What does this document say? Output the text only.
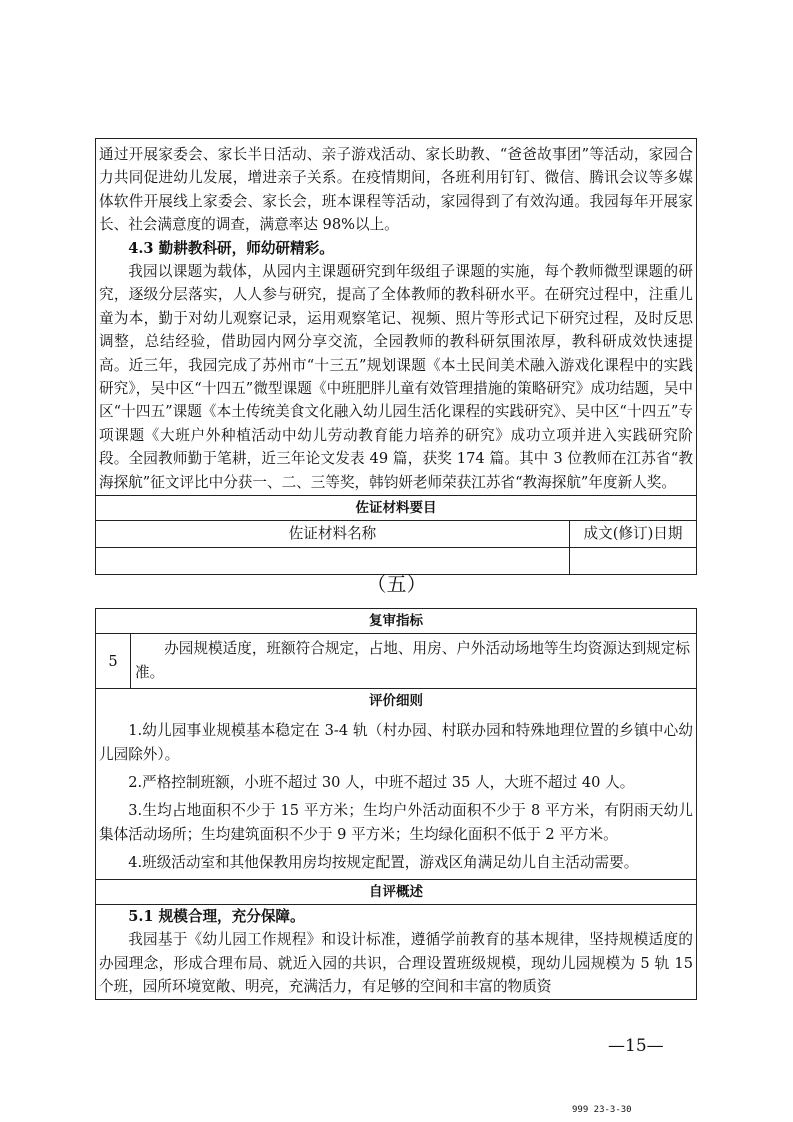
通过开展家委会、家长半日活动、亲子游戏活动、家长助教、“爸爸故事团”等活动，家园合力共同促进幼儿发展，增进亲子关系。在疫情期间，各班利用钉钉、微信、腾讯会议等多媒体软件开展线上家委会、家长会，班本课程等活动，家园得到了有效沟通。我园每年开展家长、社会满意度的调查，满意率达 98%以上。

4.3 勤耕教科研，师幼研精彩。

我园以课题为载体，从园内主课题研究到年级组子课题的实施，每个教师微型课题的研究，逐级分层落实，人人参与研究，提高了全体教师的教科研水平。在研究过程中，注重儿童为本，勤于对幼儿观察记录，运用观察笔记、视频、照片等形式记下研究过程，及时反思调整，总结经验，借助园内网分享交流，全园教师的教科研氛围浓厚，教科研成效快速提高。近三年，我园完成了苏州市“十三五”规划课题《本土民间美术融入游戏化课程中的实践研究》，吴中区“十四五”微型课题《中班肥胖儿童有效管理措施的策略研究》成功结题，吴中区“十四五”课题《本土传统美食文化融入幼儿园生活化课程的实践研究》、吴中区“十四五”专项课题《大班户外种植活动中幼儿劳动教育能力培养的研究》成功立项并进入实践研究阶段。全园教师勤于笔耕，近三年论文发表 49 篇，获奖 174 篇。其中 3 位教师在江苏省“教海探航”征文评比中分获一、二、三等奖，韩钧妍老师荣获江苏省“教海探航”年度新人奖。

佐证材料要目
佐证材料名称	成文(修订)日期
（五）
复审指标
5
办园规模适度，班额符合规定，占地、用房、户外活动场地等生均资源达到规定标准。
评价细则

1.幼儿园事业规模基本稳定在 3-4 轨（村办园、村联办园和特殊地理位置的乡镇中心幼儿园除外）。

2.严格控制班额，小班不超过 30 人，中班不超过 35 人，大班不超过 40 人。

3.生均占地面积不少于 15 平方米；生均户外活动面积不少于 8 平方米，有阴雨天幼儿集体活动场所；生均建筑面积不少于 9 平方米；生均绿化面积不低于 2 平方米。

4.班级活动室和其他保教用房均按规定配置，游戏区角满足幼儿自主活动需要。

自评概述

5.1 规模合理，充分保障。

我园基于《幼儿园工作规程》和设计标准，遵循学前教育的基本规律，坚持规模适度的办园理念，形成合理布局、就近入园的共识，合理设置班级规模，现幼儿园规模为 5 轨 15 个班，园所环境宽敞、明亮，充满活力，有足够的空间和丰富的物质资

—15—
999 23-3-30
